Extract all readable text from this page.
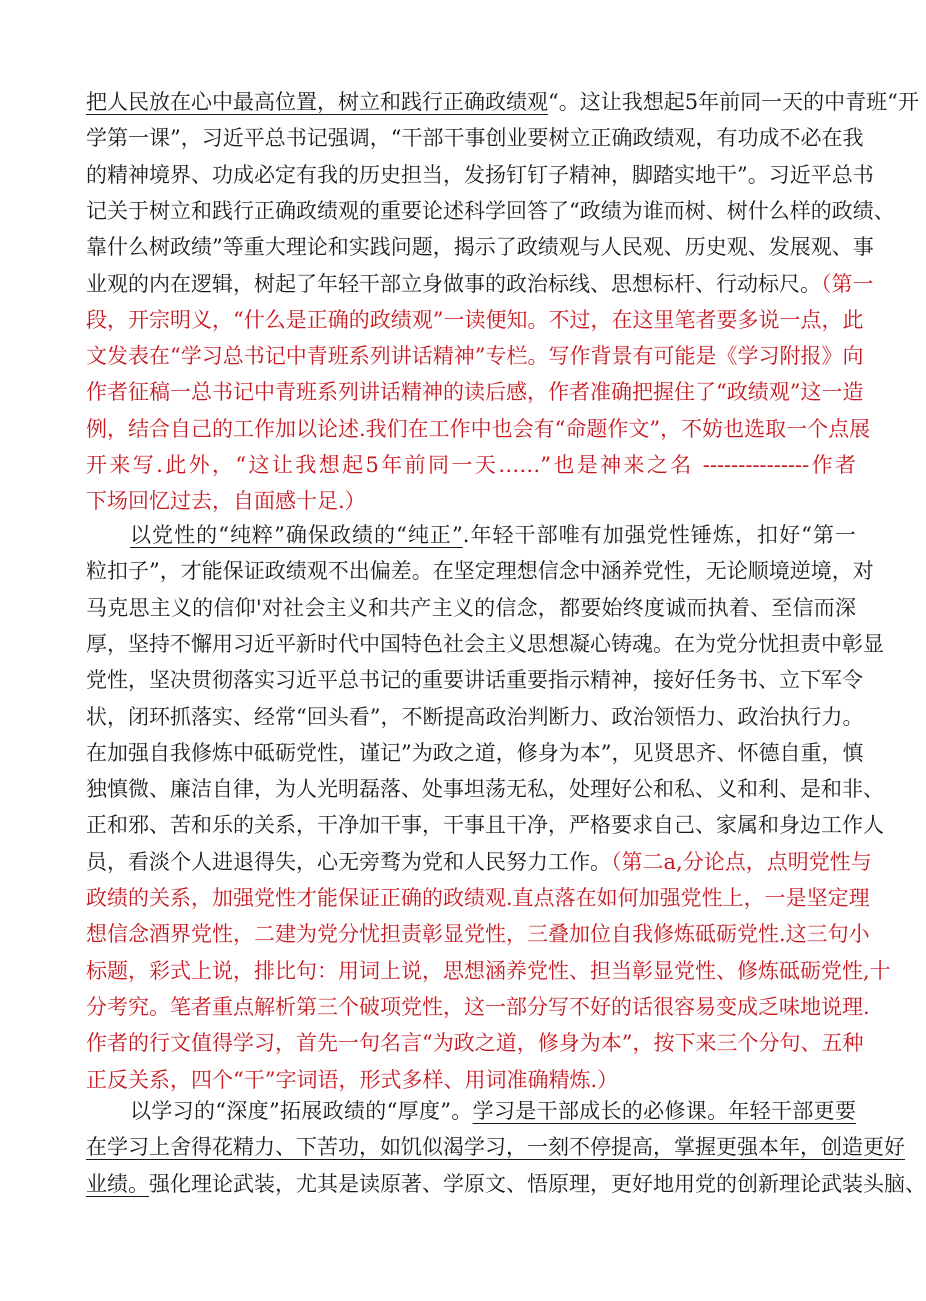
把人民放在心中最高位置，树立和践行正确政绩观“。这让我想起5年前同一天的中青班“开
学第一课”，习近平总书记强调，“干部干事创业要树立正确政绩观，有功成不必在我
的精神境界、功成必定有我的历史担当，发扬钉钉子精神，脚踏实地干”。习近平总书
记关于树立和践行正确政绩观的重要论述科学回答了“政绩为谁而树、树什么样的政绩、
靠什么树政绩”等重大理论和实践问题，揭示了政绩观与人民观、历史观、发展观、事
业观的内在逻辑，树起了年轻干部立身做事的政治标线、思想标杆、行动标尺。（第一
段，开宗明义，“什么是正确的政绩观”一读便知。不过，在这里笔者要多说一点，此
文发表在“学习总书记中青班系列讲话精神”专栏。写作背景有可能是《学习附报》向
作者征稿一总书记中青班系列讲话精神的读后感，作者准确把握住了“政绩观”这一造
例，结合自己的工作加以论述.我们在工作中也会有“命题作文”，不妨也选取一个点展
开来写.此外，“这让我想起5年前同一天……”也是神来之名 ---------------作者
下场回忆过去，自面感十足.）
以党性的“纯粹”确保政绩的“纯正”.年轻干部唯有加强党性锤炼，扣好“第一
粒扣子”，才能保证政绩观不出偏差。在坚定理想信念中涵养党性，无论顺境逆境，对
马克思主义的信仰'对社会主义和共产主义的信念，都要始终度诚而执着、至信而深
厚，坚持不懈用习近平新时代中国特色社会主义思想凝心铸魂。在为党分忧担责中彰显
党性，坚决贯彻落实习近平总书记的重要讲话重要指示精神，接好任务书、立下军令
状，闭环抓落实、经常“回头看”，不断提高政治判断力、政治领悟力、政治执行力。
在加强自我修炼中砥砺党性，谨记”为政之道，修身为本”，见贤思齐、怀德自重，慎
独慎微、廉洁自律，为人光明磊落、处事坦荡无私，处理好公和私、义和利、是和非、
正和邪、苦和乐的关系，干净加干事，干事且干净，严格要求自己、家属和身边工作人
员，看淡个人进退得失，心无旁骛为党和人民努力工作。（第二a,分论点，点明党性与
政绩的关系，加强党性才能保证正确的政绩观.直点落在如何加强党性上，一是坚定理
想信念酒界党性，二建为党分忧担责彰显党性，三叠加位自我修炼砥砺党性.这三句小
标题，彩式上说，排比句：用词上说，思想涵养党性、担当彰显党性、修炼砥砺党性,十
分考究。笔者重点解析第三个破项党性，这一部分写不好的话很容易变成乏味地说理.
作者的行文值得学习，首先一句名言“为政之道，修身为本”，按下来三个分句、五种
正反关系，四个“干”字词语，形式多样、用词准确精炼.）
以学习的“深度”拓展政绩的“厚度”。学习是干部成长的必修课。年轻干部更要
在学习上舍得花精力、下苦功，如饥似渴学习，一刻不停提高，掌握更强本年，创造更好
业绩。强化理论武装，尤其是读原著、学原文、悟原理，更好地用党的创新理论武装头脑、
